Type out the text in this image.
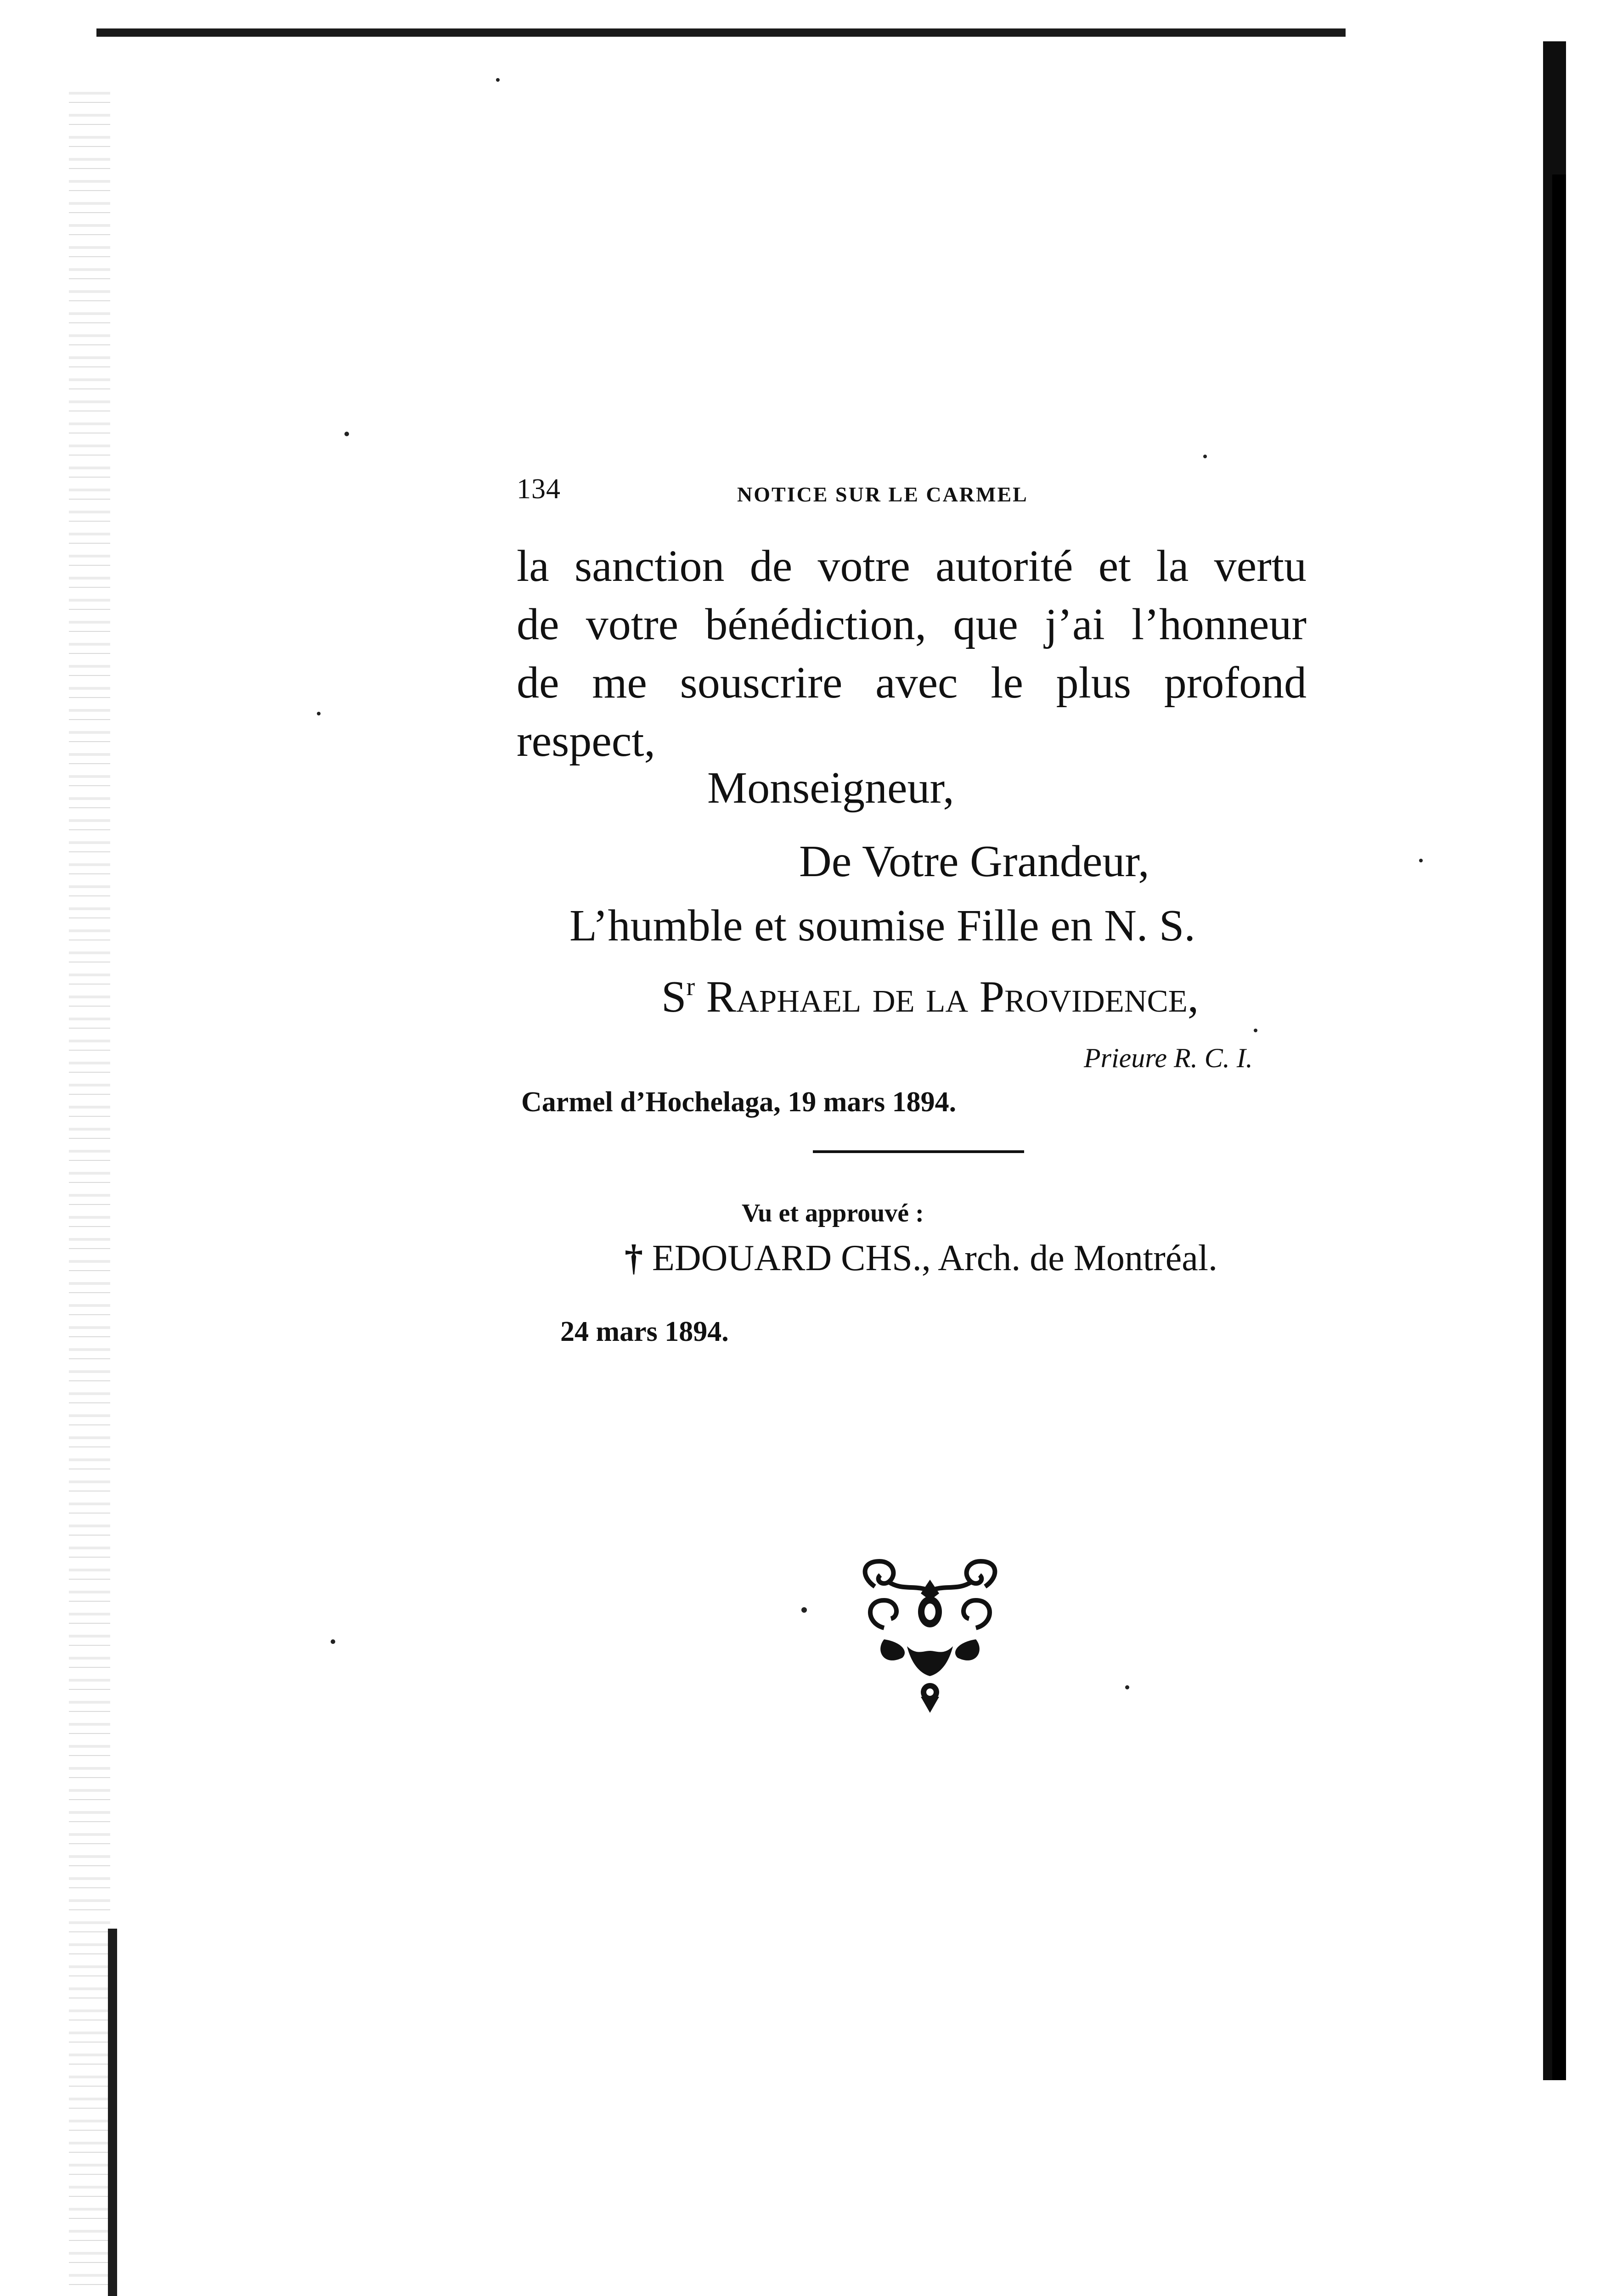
134	NOTICE SUR LE CARMEL
la sanction de votre autorité et la vertu
de votre bénédiction, que j’ai l’honneur
de me souscrire avec le plus profond
respect,
Monseigneur,
De Votre Grandeur,
L’humble et soumise Fille en N. S.
$S^r$ Raphael de la Providence,
Prieure R. C. I.
Carmel d’Hochelaga, 19 mars 1894.
Vu et approuvé :
† EDOUARD CHS., Arch. de Montréal.
24 mars 1894.
